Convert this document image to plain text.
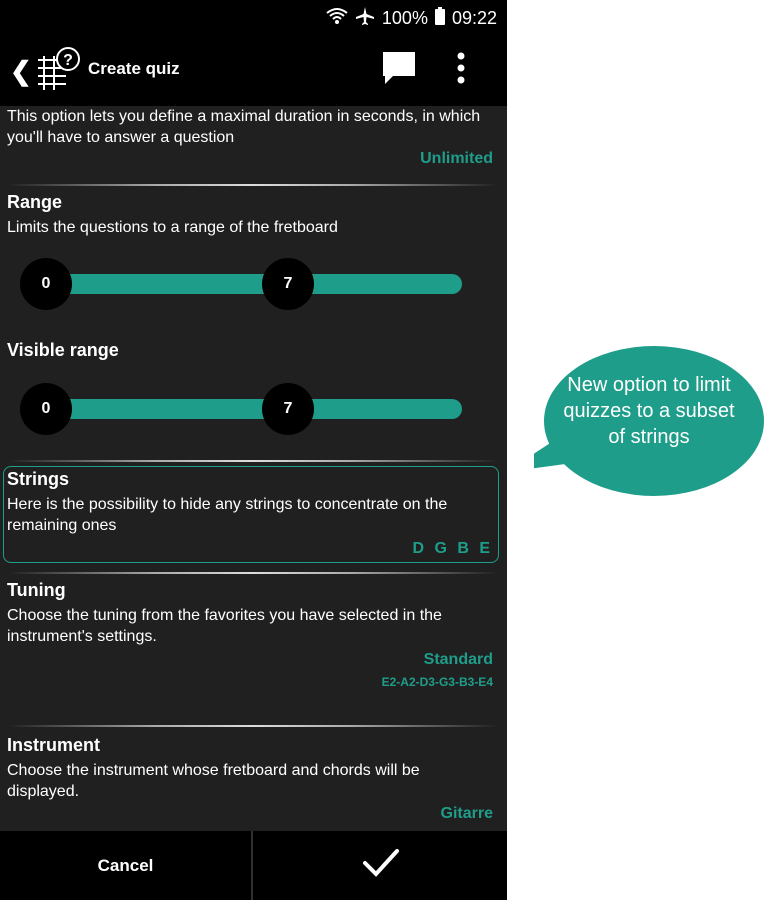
100% 09:22
❮ ? Create quiz
This option lets you define a maximal duration in seconds, in which you'll have to answer a question
Unlimited
Range
Limits the questions to a range of the fretboard
0	7
Visible range
0	7
Strings
Here is the possibility to hide any strings to concentrate on the remaining ones
D G B E
Tuning
Choose the tuning from the favorites you have selected in the instrument's settings.
Standard
E2-A2-D3-G3-B3-E4
Instrument
Choose the instrument whose fretboard and chords will be displayed.
Gitarre
Cancel
New option to limit quizzes to a subset of strings
